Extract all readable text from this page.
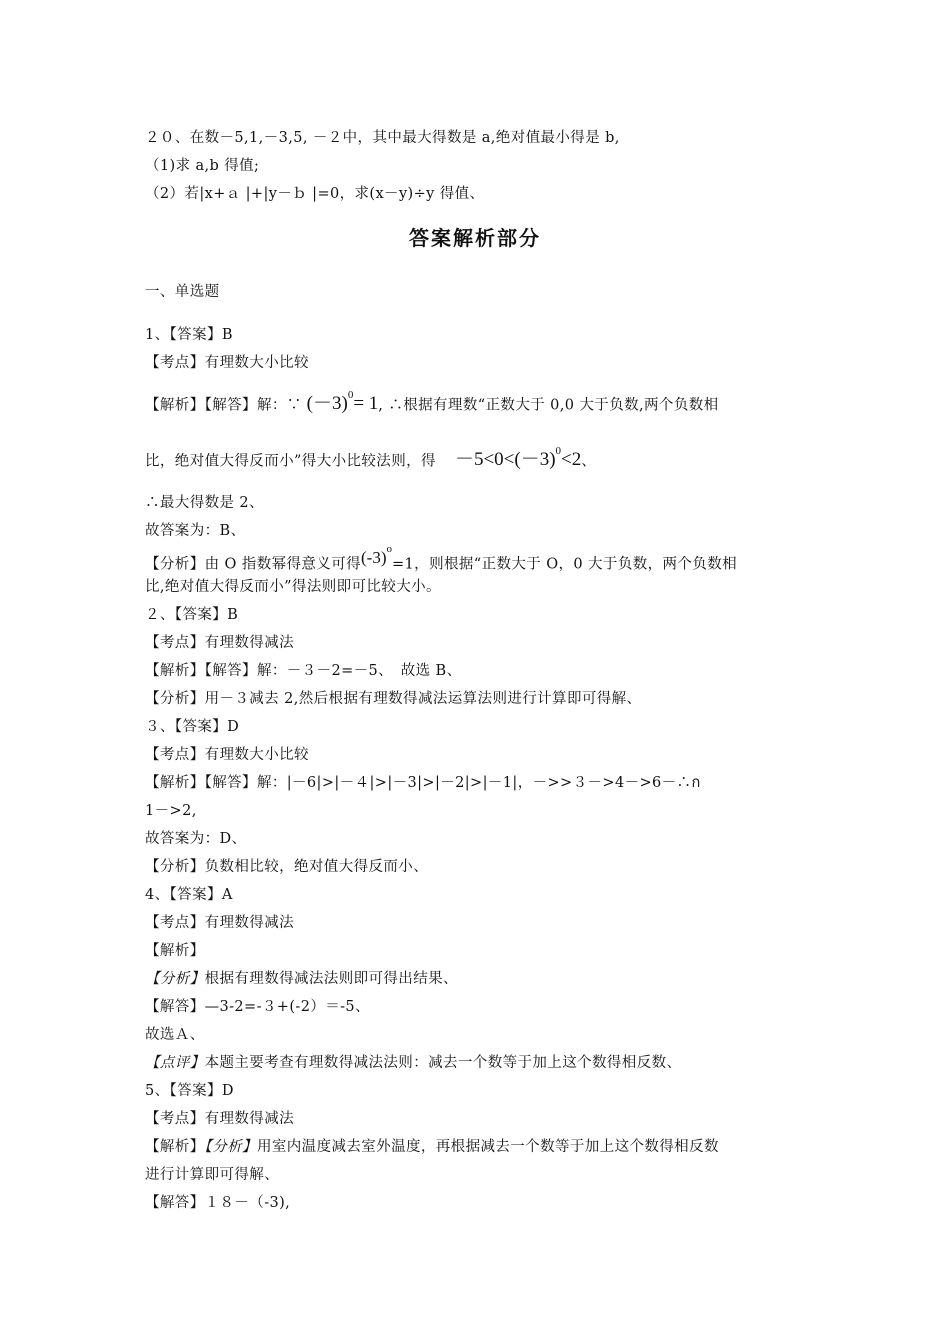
２０、在数－5,1,－3,5, －２中，其中最大得数是 a,绝对值最小得是 b,
（1)求 a,b 得值;
（2）若|x+ａ |+|y－ｂ |=0，求(x－y)÷y 得值、
答案解析部分
一、单选题
1、【答案】B
【考点】有理数大小比较
【解析】【解答】解：∵ $(-3)^0= 1$, ∴根据有理数“正数大于 0,0 大于负数,两个负数相
比，绝对值大得反而小”得大小比较法则，得 $-5<0<(-3)^0<2$、
∴最大得数是 2、
故答案为：B、
【分析】由 O 指数幂得意义可得$(-3)^o=1$，则根据“正数大于 O，0 大于负数，两个负数相
比,绝对值大得反而小”得法则即可比较大小。
２、【答案】B
【考点】有理数得减法
【解析】【解答】解：－３－2=－5、　故选 B、
【分析】用－３减去 2,然后根据有理数得减法运算法则进行计算即可得解、
３、【答案】D
【考点】有理数大小比较
【解析】【解答】解：|－6|>|－４|>|－3|>|－2|>|－1|，－>>３－>4－>6－∴ก
1－>2,
故答案为：D、
【分析】负数相比较，绝对值大得反而小、
4、【答案】A
【考点】有理数得减法
【解析】
【分析】根据有理数得减法法则即可得出结果、
【解答】—3-2=-３+(-2）＝-5、
故选Ａ、
【点评】本题主要考查有理数得减法法则：减去一个数等于加上这个数得相反数、
5、【答案】D
【考点】有理数得减法
【解析】【分析】用室内温度减去室外温度，再根据减去一个数等于加上这个数得相反数
进行计算即可得解、
【解答】１８－（-3),
